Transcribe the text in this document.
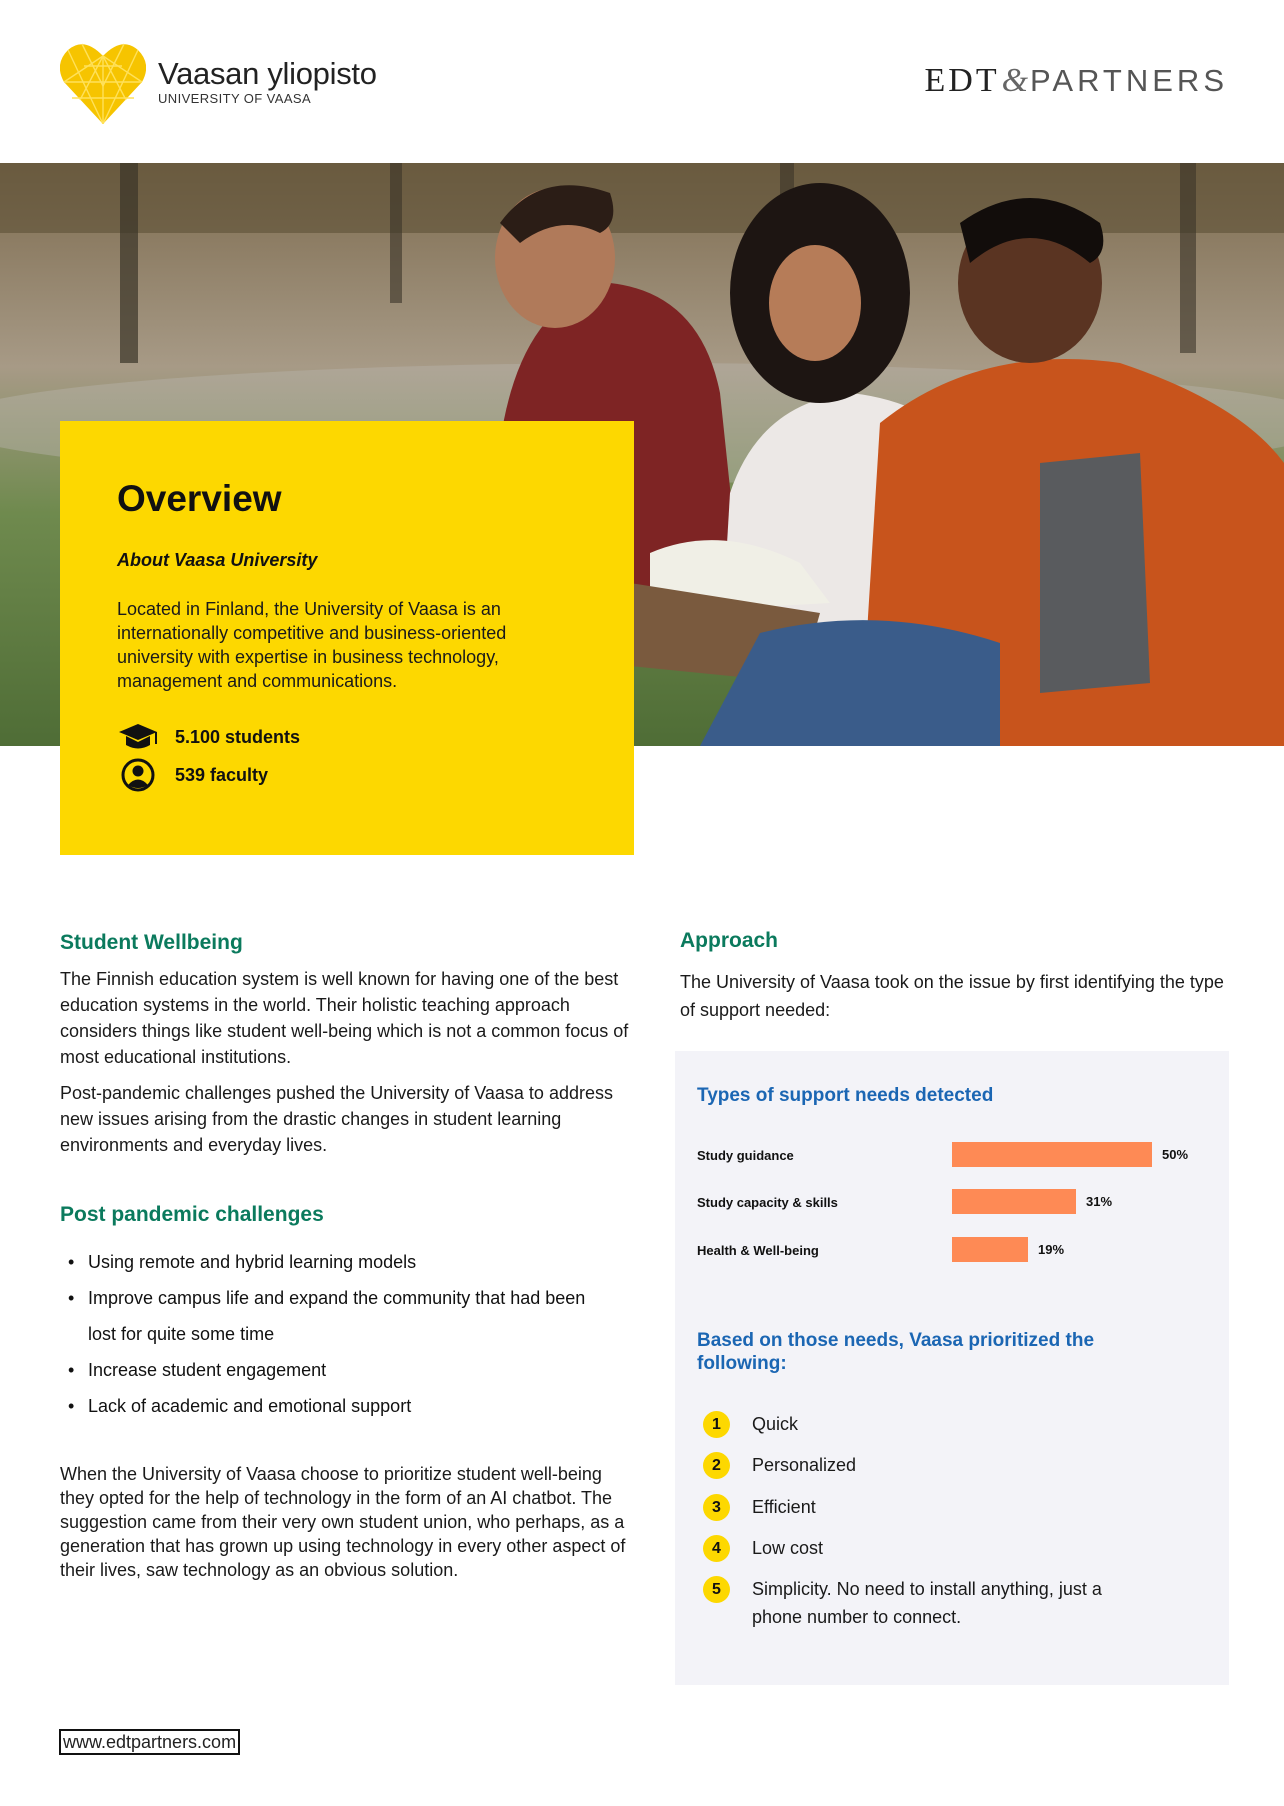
Vaasan yliopisto
UNIVERSITY OF VAASA	EDT&PARTNERS
Overview
About Vaasa University
Located in Finland, the University of Vaasa is an internationally competitive and business-oriented university with expertise in business technology, management and communications.
5.100 students
539 faculty
Student Wellbeing

The Finnish education system is well known for having one of the best education systems in the world. Their holistic teaching approach considers things like student well-being which is not a common focus of most educational institutions.

Post-pandemic challenges pushed the University of Vaasa to address new issues arising from the drastic changes in student learning environments and everyday lives.

Post pandemic challenges
• Using remote and hybrid learning models
• Improve campus life and expand the community that had been lost for quite some time
• Increase student engagement
• Lack of academic and emotional support

When the University of Vaasa choose to prioritize student well-being they opted for the help of technology in the form of an AI chatbot. The suggestion came from their very own student union, who perhaps, as a generation that has grown up using technology in every other aspect of their lives, saw technology as an obvious solution.

Approach

The University of Vaasa took on the issue by first identifying the type of support needed:

Types of support needs detected
Study guidance	50%
Study capacity & skills	31%
Health & Well-being	19%
Based on those needs, Vaasa prioritized the following:
1	Quick
2	Personalized
3	Efficient
4	Low cost
5	Simplicity. No need to install anything, just a phone number to connect.
www.edtpartners.com
